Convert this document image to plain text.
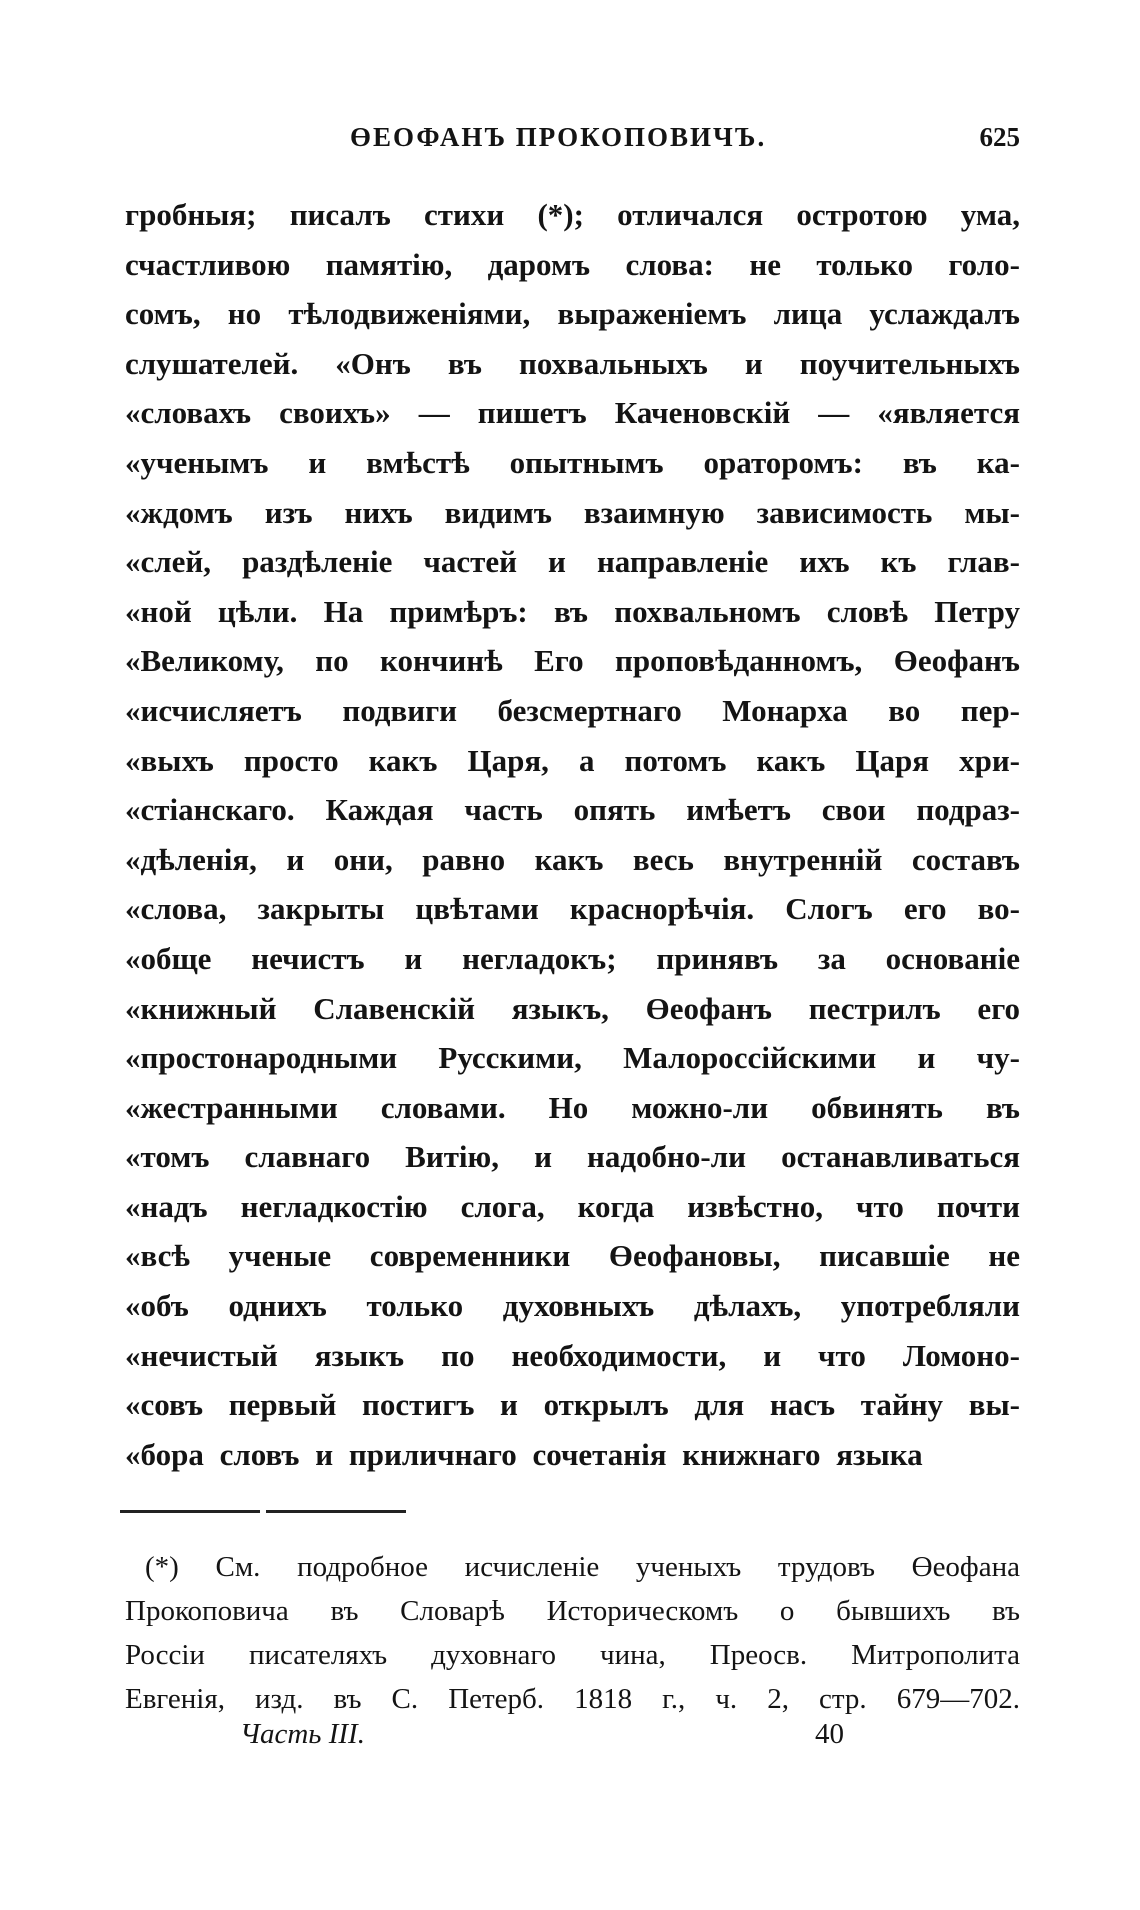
ӨЕОФАНЪ ПРОКОПОВИЧЪ.	625
гробныя; писалъ стихи (*); отличался остротою ума,
счастливою памятію, даромъ слова: не только голо-
сомъ, но тѣлодвиженіями, выраженіемъ лица услаждалъ
слушателей. «Онъ въ похвальныхъ и поучительныхъ
«словахъ своихъ» — пишетъ Каченовскій — «является
«ученымъ и вмѣстѣ опытнымъ ораторомъ: въ ка-
«ждомъ изъ нихъ видимъ взаимную зависимость мы-
«слей, раздѣленіе частей и направленіе ихъ къ глав-
«ной цѣли. На примѣръ: въ похвальномъ словѣ Петру
«Великому, по кончинѣ Его проповѣданномъ, Өеофанъ
«исчисляетъ подвиги безсмертнаго Монарха во пер-
«выхъ просто какъ Царя, а потомъ какъ Царя хри-
«стіанскаго. Каждая часть опять имѣетъ свои подраз-
«дѣленія, и они, равно какъ весь внутренній составъ
«слова, закрыты цвѣтами краснорѣчія. Слогъ его во-
«обще нечистъ и негладокъ; принявъ за основаніе
«книжный Славенскій языкъ, Өеофанъ пестрилъ его
«простонародными Русскими, Малороссійскими и чу-
«жестранными словами. Но можно-ли обвинять въ
«томъ славнаго Витію, и надобно-ли останавливаться
«надъ негладкостію слога, когда извѣстно, что почти
«всѣ ученые современники Өеофановы, писавшіе не
«объ однихъ только духовныхъ дѣлахъ, употребляли
«нечистый языкъ по необходимости, и что Ломоно-
«совъ первый постигъ и открылъ для насъ тайну вы-
«бора словъ и приличнаго сочетанія книжнаго языка
(*) См. подробное исчисленіе ученыхъ трудовъ Өеофана
Прокоповича въ Словарѣ Историческомъ о бывшихъ въ
Россіи писателяхъ духовнаго чина, Преосв. Митрополита
Евгенія, изд. въ С. Петерб. 1818 г., ч. 2, стр. 679—702.
Часть III.	40
